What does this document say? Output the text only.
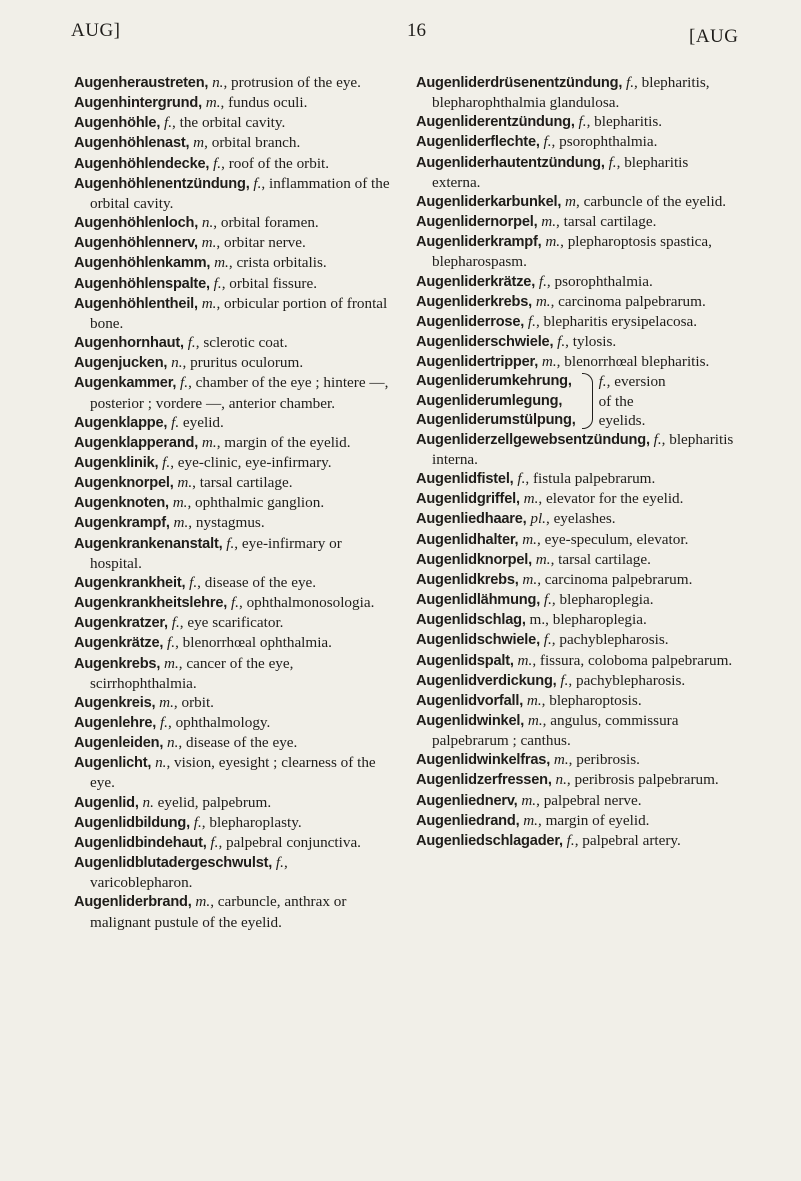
AUG]	16	[AUG
Augenheraustreten, n., protrusion of the eye.
Augenhintergrund, m., fundus oculi.
Augenhöhle, f., the orbital cavity.
Augenhöhlenast, m, orbital branch.
Augenhöhlendecke, f., roof of the orbit.
Augenhöhlenentzündung, f., inflammation of the orbital cavity.
Augenhöhlenloch, n., orbital foramen.
Augenhöhlennerv, m., orbitar nerve.
Augenhöhlenkamm, m., crista orbitalis.
Augenhöhlenspalte, f., orbital fissure.
Augenhöhlentheil, m., orbicular portion of frontal bone.
Augenhornhaut, f., sclerotic coat.
Augenjucken, n., pruritus oculorum.
Augenkammer, f., chamber of the eye ; hintere —, posterior ; vordere —, anterior chamber.
Augenklappe, f. eyelid.
Augenklapperand, m., margin of the eyelid.
Augenklinik, f., eye-clinic, eye-infirmary.
Augenknorpel, m., tarsal cartilage.
Augenknoten, m., ophthalmic ganglion.
Augenkrampf, m., nystagmus.
Augenkrankenanstalt, f., eye-infirmary or hospital.
Augenkrankheit, f., disease of the eye.
Augenkrankheitslehre, f., ophthalmonosologia.
Augenkratzer, f., eye scarificator.
Augenkrätze, f., blenorrhœal ophthalmia.
Augenkrebs, m., cancer of the eye, scirrhophthalmia.
Augenkreis, m., orbit.
Augenlehre, f., ophthalmology.
Augenleiden, n., disease of the eye.
Augenlicht, n., vision, eyesight ; clearness of the eye.
Augenlid, n. eyelid, palpebrum.
Augenlidbildung, f., blepharoplasty.
Augenlidbindehaut, f., palpebral conjunctiva.
Augenlidblutadergeschwulst, f., varicoblepharon.
Augenliderbrand, m., carbuncle, anthrax or malignant pustule of the eyelid.
Augenliderdrüsenentzündung, f., blepharitis, blepharophthalmia glandulosa.
Augenliderentzündung, f., blepharitis.
Augenliderflechte, f., psorophthalmia.
Augenliderhautentzündung, f., blepharitis externa.
Augenliderkarbunkel, m, carbuncle of the eyelid.
Augenlidernorpel, m., tarsal cartilage.
Augenliderkrampf, m., plepharoptosis spastica, blepharospasm.
Augenliderkrätze, f., psorophthalmia.
Augenliderkrebs, m., carcinoma palpebrarum.
Augenliderrose, f., blepharitis erysipelacosa.
Augenliderschwiele, f., tylosis.
Augenlidertripper, m., blenorrhœal blepharitis.
Augenliderumkehrung,
Augenliderumlegung,
Augenliderumstülpung,
f., eversion
of the
eyelids.
Augenliderzellgewebsentzündung, f., blepharitis interna.
Augenlidfistel, f., fistula palpebrarum.
Augenlidgriffel, m., elevator for the eyelid.
Augenliedhaare, pl., eyelashes.
Augenlidhalter, m., eye-speculum, elevator.
Augenlidknorpel, m., tarsal cartilage.
Augenlidkrebs, m., carcinoma palpebrarum.
Augenlidlähmung, f., blepharoplegia.
Augenlidschlag, m., blepharoplegia.
Augenlidschwiele, f., pachyblepharosis.
Augenlidspalt, m., fissura, coloboma palpebrarum.
Augenlidverdickung, f., pachyblepharosis.
Augenlidvorfall, m., blepharoptosis.
Augenlidwinkel, m., angulus, commissura palpebrarum ; canthus.
Augenlidwinkelfras, m., peribrosis.
Augenlidzerfressen, n., peribrosis palpebrarum.
Augenliednerv, m., palpebral nerve.
Augenliedrand, m., margin of eyelid.
Augenliedschlagader, f., palpebral artery.
